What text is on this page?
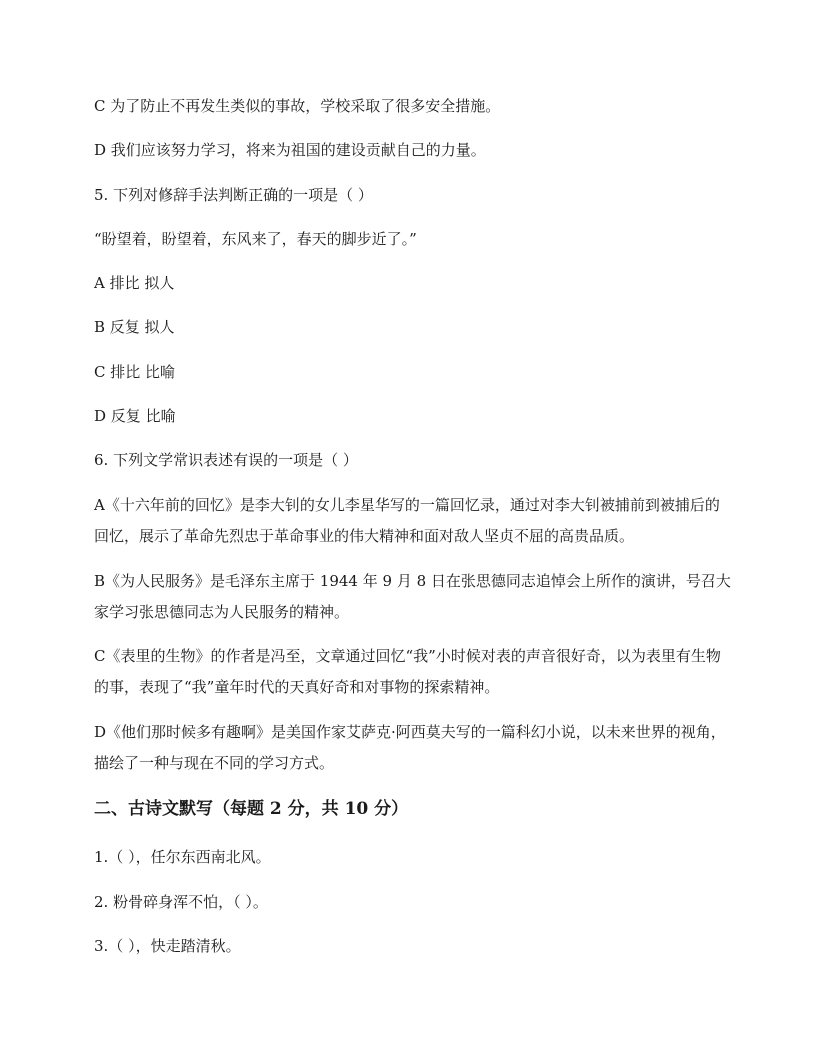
C 为了防止不再发生类似的事故，学校采取了很多安全措施。
D 我们应该努力学习，将来为祖国的建设贡献自己的力量。
5. 下列对修辞手法判断正确的一项是（ ）
“盼望着，盼望着，东风来了，春天的脚步近了。”
A 排比 拟人
B 反复 拟人
C 排比 比喻
D 反复 比喻
6. 下列文学常识表述有误的一项是（ ）
A《十六年前的回忆》是李大钊的女儿李星华写的一篇回忆录，通过对李大钊被捕前到被捕后的回忆，展示了革命先烈忠于革命事业的伟大精神和面对敌人坚贞不屈的高贵品质。
B《为人民服务》是毛泽东主席于 1944 年 9 月 8 日在张思德同志追悼会上所作的演讲，号召大家学习张思德同志为人民服务的精神。
C《表里的生物》的作者是冯至，文章通过回忆“我”小时候对表的声音很好奇，以为表里有生物的事，表现了“我”童年时代的天真好奇和对事物的探索精神。
D《他们那时候多有趣啊》是美国作家艾萨克·阿西莫夫写的一篇科幻小说，以未来世界的视角，描绘了一种与现在不同的学习方式。
二、古诗文默写（每题 2 分，共 10 分）
1.（ ），任尔东西南北风。
2. 粉骨碎身浑不怕，（ ）。
3.（ ），快走踏清秋。
